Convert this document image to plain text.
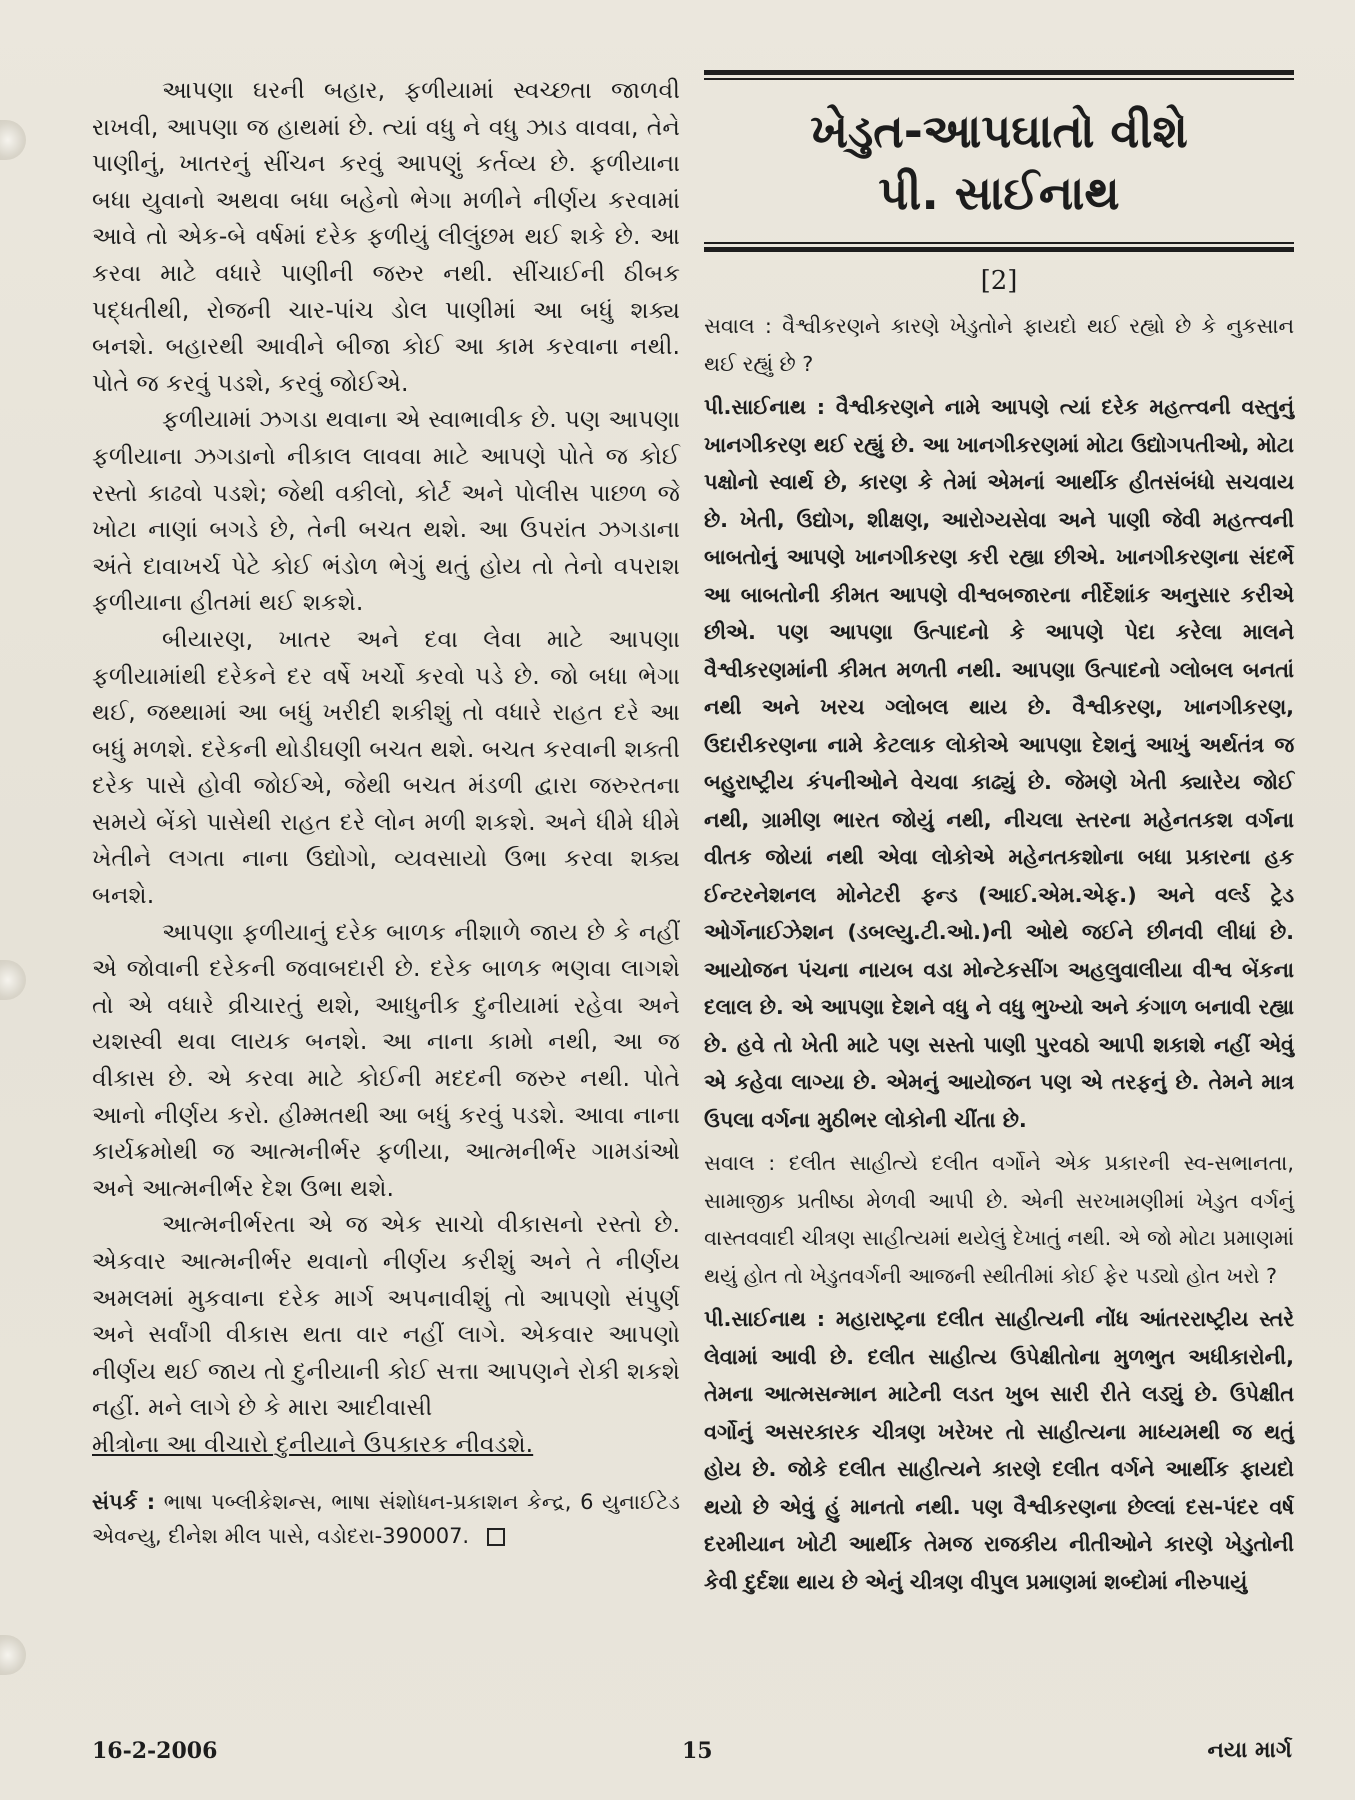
આપણા ઘરની બહાર, ફળીયામાં સ્વચ્છતા જાળવી રાખવી, આપણા જ હાથમાં છે. ત્યાં વધુ ને વધુ ઝાડ વાવવા, તેને પાણીનું, ખાતરનું સીંચન કરવું આપણું કર્તવ્ય છે. ફળીયાના બધા યુવાનો અથવા બધા બહેનો ભેગા મળીને નીર્ણય કરવામાં આવે તો એક-બે વર્ષમાં દરેક ફળીયું લીલુંછમ થઈ શકે છે. આ કરવા માટે વધારે પાણીની જરુર નથી. સીંચાઈની ઠીબક પદ્ધતીથી, રોજની ચાર-પાંચ ડોલ પાણીમાં આ બધું શક્ય બનશે. બહારથી આવીને બીજા કોઈ આ કામ કરવાના નથી. પોતે જ કરવું પડશે, કરવું જોઈએ.

ફળીયામાં ઝગડા થવાના એ સ્વાભાવીક છે. પણ આપણા ફળીયાના ઝગડાનો નીકાલ લાવવા માટે આપણે પોતે જ કોઈ રસ્તો કાઢવો પડશે; જેથી વકીલો, કોર્ટ અને પોલીસ પાછળ જે ખોટા નાણાં બગડે છે, તેની બચત થશે. આ ઉપરાંત ઝગડાના અંતે દાવાખર્ચ પેટે કોઈ ભંડોળ ભેગું થતું હોય તો તેનો વપરાશ ફળીયાના હીતમાં થઈ શકશે.

બીયારણ, ખાતર અને દવા લેવા માટે આપણા ફળીયામાંથી દરેકને દર વર્ષે ખર્ચો કરવો પડે છે. જો બધા ભેગા થઈ, જથ્થામાં આ બધું ખરીદી શકીશું તો વધારે રાહત દરે આ બધું મળશે. દરેકની થોડીઘણી બચત થશે. બચત કરવાની શક્તી દરેક પાસે હોવી જોઈએ, જેથી બચત મંડળી દ્વારા જરુરતના સમયે બેંકો પાસેથી રાહત દરે લોન મળી શકશે. અને ધીમે ધીમે ખેતીને લગતા નાના ઉદ્યોગો, વ્યવસાયો ઉભા કરવા શક્ય બનશે.

આપણા ફળીયાનું દરેક બાળક નીશાળે જાય છે કે નહીં એ જોવાની દરેકની જવાબદારી છે. દરેક બાળક ભણવા લાગશે તો એ વધારે વ્રીચારતું થશે, આધુનીક દુનીયામાં રહેવા અને યશસ્વી થવા લાયક બનશે. આ નાના કામો નથી, આ જ વીકાસ છે. એ કરવા માટે કોઈની મદદની જરુર નથી. પોતે આનો નીર્ણય કરો. હીમ્મતથી આ બધું કરવું પડશે. આવા નાના કાર્યક્રમોથી જ આત્મનીર્ભર ફળીયા, આત્મનીર્ભર ગામડાંઓ અને આત્મનીર્ભર દેશ ઉભા થશે.

આત્મનીર્ભરતા એ જ એક સાચો વીકાસનો રસ્તો છે. એકવાર આત્મનીર્ભર થવાનો નીર્ણય કરીશું અને તે નીર્ણય અમલમાં મુકવાના દરેક માર્ગ અપનાવીશું તો આપણો સંપુર્ણ અને સર્વાંગી વીકાસ થતા વાર નહીં લાગે. એકવાર આપણો નીર્ણય થઈ જાય તો દુનીયાની કોઈ સત્તા આપણને રોકી શકશે નહીં. મને લાગે છે કે મારા આદીવાસી

મીત્રોના આ વીચારો દુનીયાને ઉપકારક નીવડશે.

સંપર્ક : ભાષા પબ્લીકેશન્સ, ભાષા સંશોધન-પ્રકાશન કેન્દ્ર, 6 યુનાઈટેડ એવન્યુ, દીનેશ મીલ પાસે, વડોદરા-390007.

ખેડુત-આપઘાતો વીશે
પી. સાઈનાથ
[2]

સવાલ : વૈશ્વીકરણને કારણે ખેડુતોને ફાયદો થઈ રહ્યો છે કે નુકસાન થઈ રહ્યું છે ?

પી.સાઈનાથ : વૈશ્વીકરણને નામે આપણે ત્યાં દરેક મહત્ત્વની વસ્તુનું ખાનગીકરણ થઈ રહ્યું છે. આ ખાનગીકરણમાં મોટા ઉદ્યોગપતીઓ, મોટા પક્ષોનો સ્વાર્થ છે, કારણ કે તેમાં એમનાં આર્થીક હીતસંબંધો સચવાય છે. ખેતી, ઉદ્યોગ, શીક્ષણ, આરોગ્યસેવા અને પાણી જેવી મહત્ત્વની બાબતોનું આપણે ખાનગીકરણ કરી રહ્યા છીએ. ખાનગીકરણના સંદર્ભે આ બાબતોની કીમત આપણે વીશ્વબજારના નીર્દેશાંક અનુસાર કરીએ છીએ. પણ આપણા ઉત્પાદનો કે આપણે પેદા કરેલા માલને વૈશ્વીકરણમાંની કીમત મળતી નથી. આપણા ઉત્પાદનો ગ્લોબલ બનતાં નથી અને ખરચ ગ્લોબલ થાય છે. વૈશ્વીકરણ, ખાનગીકરણ, ઉદારીકરણના નામે કેટલાક લોકોએ આપણા દેશનું આખું અર્થતંત્ર જ બહુરાષ્ટ્રીય કંપનીઓને વેચવા કાઢ્યું છે. જેમણે ખેતી ક્યારેય જોઈ નથી, ગ્રામીણ ભારત જોયું નથી, નીચલા સ્તરના મહેનતકશ વર્ગના વીતક જોયાં નથી એવા લોકોએ મહેનતકશોના બધા પ્રકારના હક ઈન્ટરનેશનલ મોનેટરી ફન્ડ (આઈ.એમ.એફ.) અને વર્લ્ડ ટ્રેડ ઓર્ગેનાઈઝેશન (ડબલ્યુ.ટી.ઓ.)ની ઓથે જઈને છીનવી લીધાં છે. આયોજન પંચના નાયબ વડા મોન્ટેકસીંગ અહલુવાલીયા વીશ્વ બેંકના દલાલ છે. એ આપણા દેશને વધુ ને વધુ ભુખ્યો અને કંગાળ બનાવી રહ્યા છે. હવે તો ખેતી માટે પણ સસ્તો પાણી પુરવઠો આપી શકાશે નહીં એવું એ કહેવા લાગ્યા છે. એમનું આયોજન પણ એ તરફનું છે. તેમને માત્ર ઉપલા વર્ગના મુઠીભર લોકોની ચીંતા છે.

સવાલ : દલીત સાહીત્યે દલીત વર્ગોને એક પ્રકારની સ્વ-સભાનતા, સામાજીક પ્રતીષ્ઠા મેળવી આપી છે. એની સરખામણીમાં ખેડુત વર્ગનું વાસ્તવવાદી ચીત્રણ સાહીત્યમાં થયેલું દેખાતું નથી. એ જો મોટા પ્રમાણમાં થયું હોત તો ખેડુતવર્ગની આજની સ્થીતીમાં કોઈ ફેર પડ્યો હોત ખરો ?

પી.સાઈનાથ : મહારાષ્ટ્રના દલીત સાહીત્યની નોંધ આંતરરાષ્ટ્રીય સ્તરે લેવામાં આવી છે. દલીત સાહીત્ય ઉપેક્ષીતોના મુળભુત અધીકારોની, તેમના આત્મસન્માન માટેની લડત ખુબ સારી રીતે લડ્યું છે. ઉપેક્ષીત વર્ગોનું અસરકારક ચીત્રણ ખરેખર તો સાહીત્યના માધ્યમથી જ થતું હોય છે. જોકે દલીત સાહીત્યને કારણે દલીત વર્ગને આર્થીક ફાયદો થયો છે એવું હું માનતો નથી. પણ વૈશ્વીકરણના છેલ્લાં દસ-પંદર વર્ષ દરમીયાન ખોટી આર્થીક તેમજ રાજકીય નીતીઓને કારણે ખેડુતોની કેવી દુર્દશા થાય છે એનું ચીત્રણ વીપુલ પ્રમાણમાં શબ્દોમાં નીરુપાયું

16-2-2006	15	નયા માર્ગ
